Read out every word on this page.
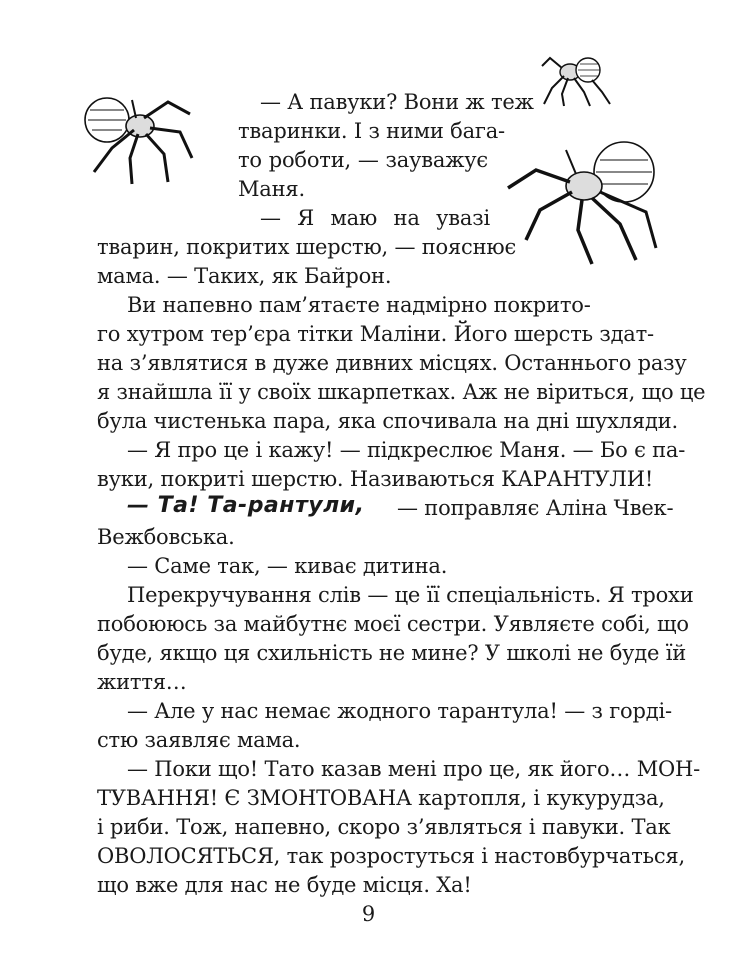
— А павуки? Вони ж теж
тваринки. І з ними бага-
то роботи, — зауважує
Маня.
— Я маю на увазі
тварин, покритих шерстю, — пояснює
мама. — Таких, як Байрон.
Ви напевно пам’ятаєте надмірно покрито-
го хутром тер’єра тітки Маліни. Його шерсть здат-
на з’являтися в дуже дивних місцях. Останнього разу
я знайшла її у своїх шкарпетках. Аж не віриться, що це
була чистенька пара, яка спочивала на дні шухляди.
— Я про це і кажу! — підкреслює Маня. — Бо є па-
вуки, покриті шерстю. Називаються КАРАНТУЛИ!
— Та! Та-рантули, — поправляє Аліна Чвек-
Вежбовська.
— Саме так, — киває дитина.
Перекручування слів — це її спеціальність. Я трохи
побоююсь за майбутнє моєї сестри. Уявляєте собі, що
буде, якщо ця схильність не мине? У школі не буде їй
життя…
— Але у нас немає жодного тарантула! — з горді-
стю заявляє мама.
— Поки що! Тато казав мені про це, як його… МОН-
ТУВАННЯ! Є ЗМОНТОВАНА картопля, і кукурудза,
і риби. Тож, напевно, скоро з’являться і павуки. Так
ОВОЛОСЯТЬСЯ, так розростуться і настовбурчаться,
що вже для нас не буде місця. Ха!
9
